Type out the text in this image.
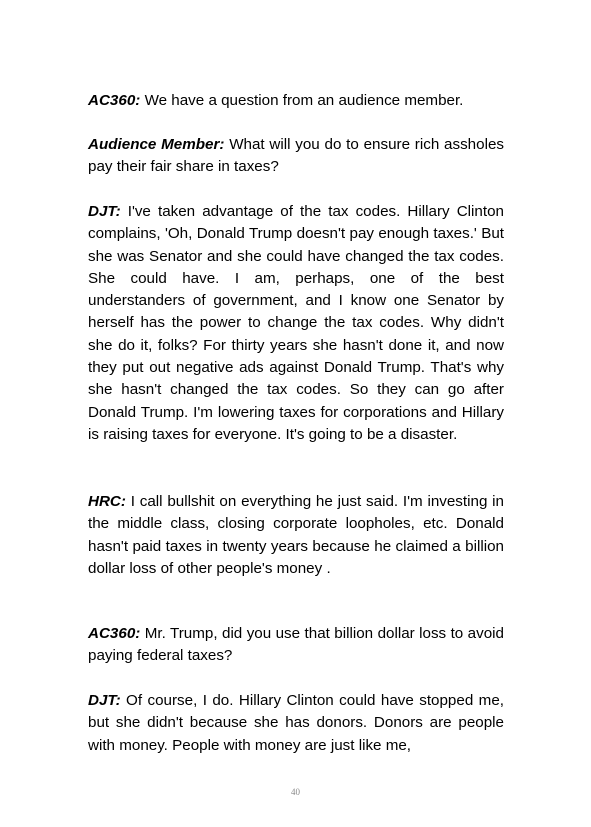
AC360: We have a question from an audience member.

Audience Member: What will you do to ensure rich assholes pay their fair share in taxes?

DJT: I've taken advantage of the tax codes. Hillary Clinton complains, 'Oh, Donald Trump doesn't pay enough taxes.' But she was Senator and she could have changed the tax codes. She could have. I am, perhaps, one of the best understanders of government, and I know one Senator by herself has the power to change the tax codes. Why didn't she do it, folks? For thirty years she hasn't done it, and now they put out negative ads against Donald Trump. That's why she hasn't changed the tax codes. So they can go after Donald Trump. I'm lowering taxes for corporations and Hillary is raising taxes for everyone. It's going to be a disaster.

HRC: I call bullshit on everything he just said. I'm investing in the middle class, closing corporate loopholes, etc. Donald hasn't paid taxes in twenty years because he claimed a billion dollar loss of other people's money .

AC360: Mr. Trump, did you use that billion dollar loss to avoid paying federal taxes?

DJT: Of course, I do. Hillary Clinton could have stopped me, but she didn't because she has donors. Donors are people with money. People with money are just like me,

40
